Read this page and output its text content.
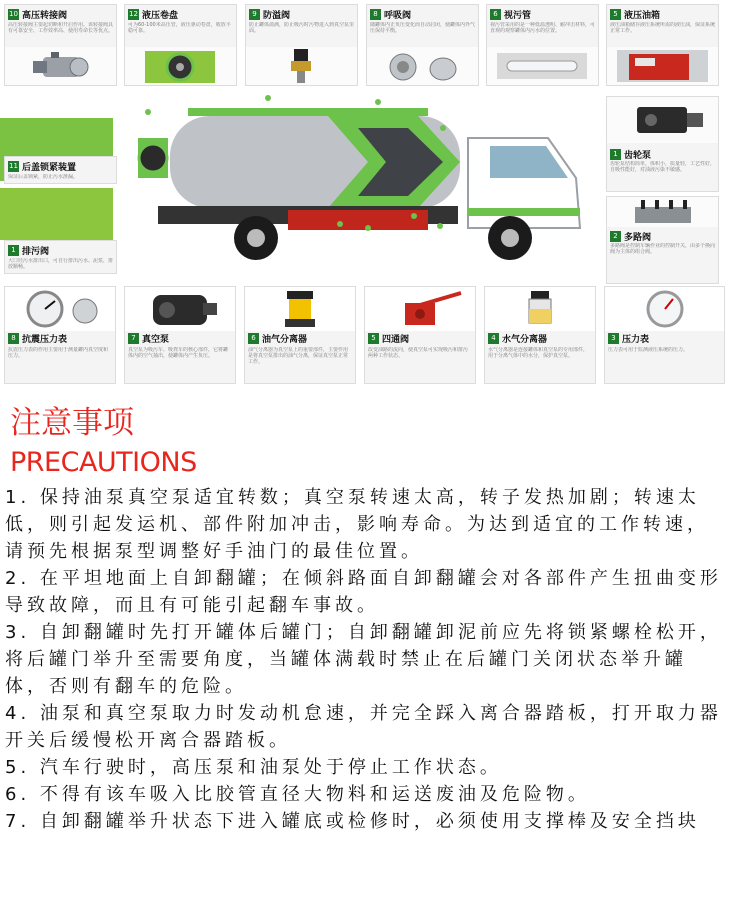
10 高压转接阀
高压转接阀主要起切断和开启作用。该转接阀具有可靠安全、工作效率高、使用寿命长等优点。
12 液压卷盘
可为60-100米高压管，液压驱动卷盘，收放平稳可靠。
9 防溢阀
防止罐体溢满，防止吸污时污物进入到真空泵里面。
8 呼吸阀
随罐体内正负压变化而自动启闭，使罐体内外气压保持平衡。
6 视污管
视污管采用的是一种低温透明、耐冲击材料，可直观的观察罐体内污水的位置。
5 液压油箱
液压油箱储存液压系统所需的液压油，保证系统正常工作。
11 后盖锁紧装置
保证后盖锁紧，防止污水泄漏。
1 排污阀
大口径污水排出口，可自行排出污水、泥浆，排放顺畅。
1 齿轮泵
齿轮泵结构简单，体积小，质量轻，工艺性好，自吸性能好，对油液污染不敏感。
2 多路阀
多路阀是控制车辆作业的控制开关，由多个换向阀为主体的组合阀。
8 抗震压力表
抗震压力表的作用主要用于测量罐内真空度和压力。
7 真空泵
真空泵为吸污车、吸粪车的核心部件，它将罐体内的空气抽出，使罐体内产生负压。
6 油气分离器
油气分离器为真空泵上的重要部件，主要作用是将真空泵排出的油气分离，保证真空泵正常工作。
5 四通阀
改变油路的流向，使真空泵可实现吸污和排污两种工作状态。
4 水气分离器
水气分离器是连接罐体和真空泵的专用部件，用于分离气体中的水分，保护真空泵。
3 压力表
压力表可用于监测液压系统的压力。
注意事项
PRECAUTIONS

1. 保持油泵真空泵适宜转数；真空泵转速太高，转子发热加剧；转速太低，则引起发运机、部件附加冲击，影响寿命。为达到适宜的工作转速，请预先根据泵型调整好手油门的最佳位置。

2. 在平坦地面上自卸翻罐；在倾斜路面自卸翻罐会对各部件产生扭曲变形导致故障，而且有可能引起翻车事故。

3. 自卸翻罐时先打开罐体后罐门；自卸翻罐卸泥前应先将锁紧螺栓松开，将后罐门举升至需要角度，当罐体满载时禁止在后罐门关闭状态举升罐体，否则有翻车的危险。

4. 油泵和真空泵取力时发动机怠速，并完全踩入离合器踏板，打开取力器开关后缓慢松开离合器踏板。

5. 汽车行驶时，高压泵和油泵处于停止工作状态。

6. 不得有该车吸入比胶管直径大物料和运送废油及危险物。

7. 自卸翻罐举升状态下进入罐底或检修时，必须使用支撑棒及安全挡块
